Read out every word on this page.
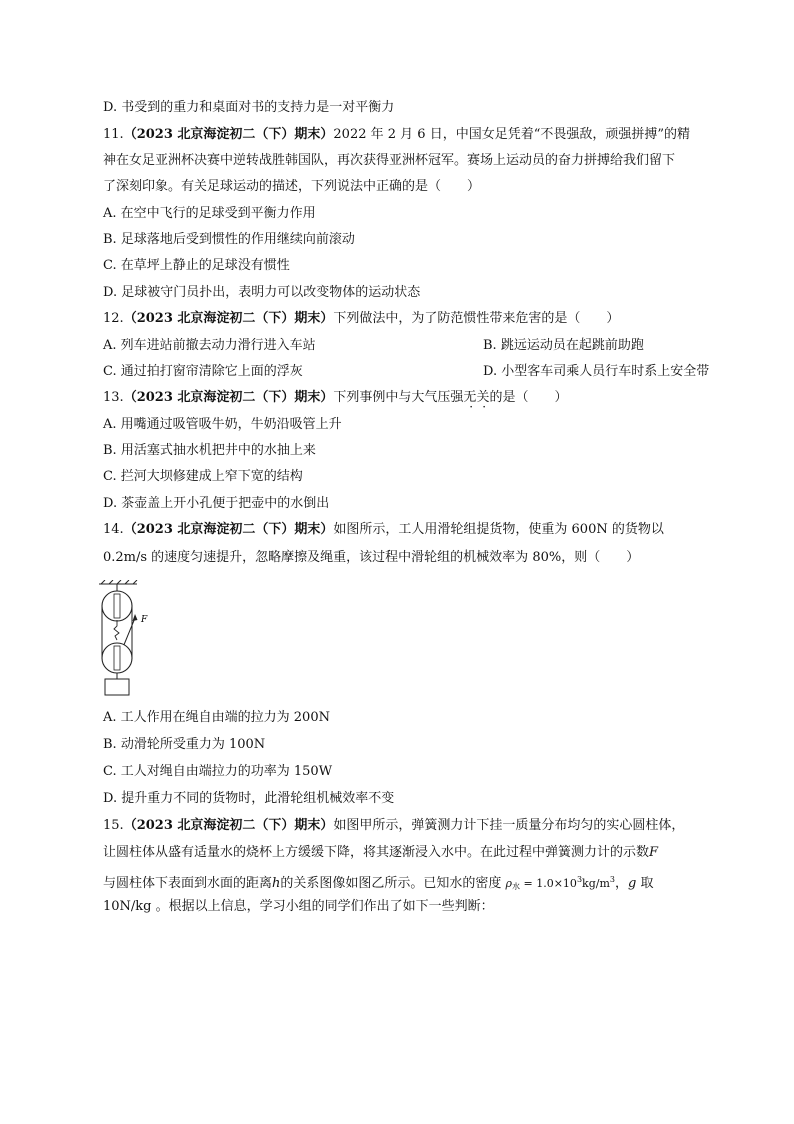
D. 书受到的重力和桌面对书的支持力是一对平衡力
11.（2023 北京海淀初二（下）期末）2022 年 2 月 6 日，中国女足凭着“不畏强敌，顽强拼搏”的精
神在女足亚洲杯决赛中逆转战胜韩国队，再次获得亚洲杯冠军。赛场上运动员的奋力拼搏给我们留下
了深刻印象。有关足球运动的描述，下列说法中正确的是（　　）
A. 在空中飞行的足球受到平衡力作用
B. 足球落地后受到惯性的作用继续向前滚动
C. 在草坪上静止的足球没有惯性
D. 足球被守门员扑出，表明力可以改变物体的运动状态
12.（2023 北京海淀初二（下）期末）下列做法中，为了防范惯性带来危害的是（　　）
A. 列车进站前撤去动力滑行进入车站	B. 跳远运动员在起跳前助跑
C. 通过拍打窗帘清除它上面的浮灰	D. 小型客车司乘人员行车时系上安全带
13.（2023 北京海淀初二（下）期末）下列事例中与大气压强无关的是（　　）
A. 用嘴通过吸管吸牛奶，牛奶沿吸管上升
B. 用活塞式抽水机把井中的水抽上来
C. 拦河大坝修建成上窄下宽的结构
D. 茶壶盖上开小孔便于把壶中的水倒出
14.（2023 北京海淀初二（下）期末）如图所示，工人用滑轮组提货物，使重为 600N 的货物以
0.2m/s 的速度匀速提升，忽略摩擦及绳重，该过程中滑轮组的机械效率为 80%，则（　　）
F
A. 工人作用在绳自由端的拉力为 200N
B. 动滑轮所受重力为 100N
C. 工人对绳自由端拉力的功率为 150W
D. 提升重力不同的货物时，此滑轮组机械效率不变
15.（2023 北京海淀初二（下）期末）如图甲所示，弹簧测力计下挂一质量分布均匀的实心圆柱体，
让圆柱体从盛有适量水的烧杯上方缓缓下降，将其逐渐浸入水中。在此过程中弹簧测力计的示数F
与圆柱体下表面到水面的距离h的关系图像如图乙所示。已知水的密度 $\rho_水 = 1.0\times 10^3kg/m^3$，g 取
10N/kg 。根据以上信息，学习小组的同学们作出了如下一些判断：
